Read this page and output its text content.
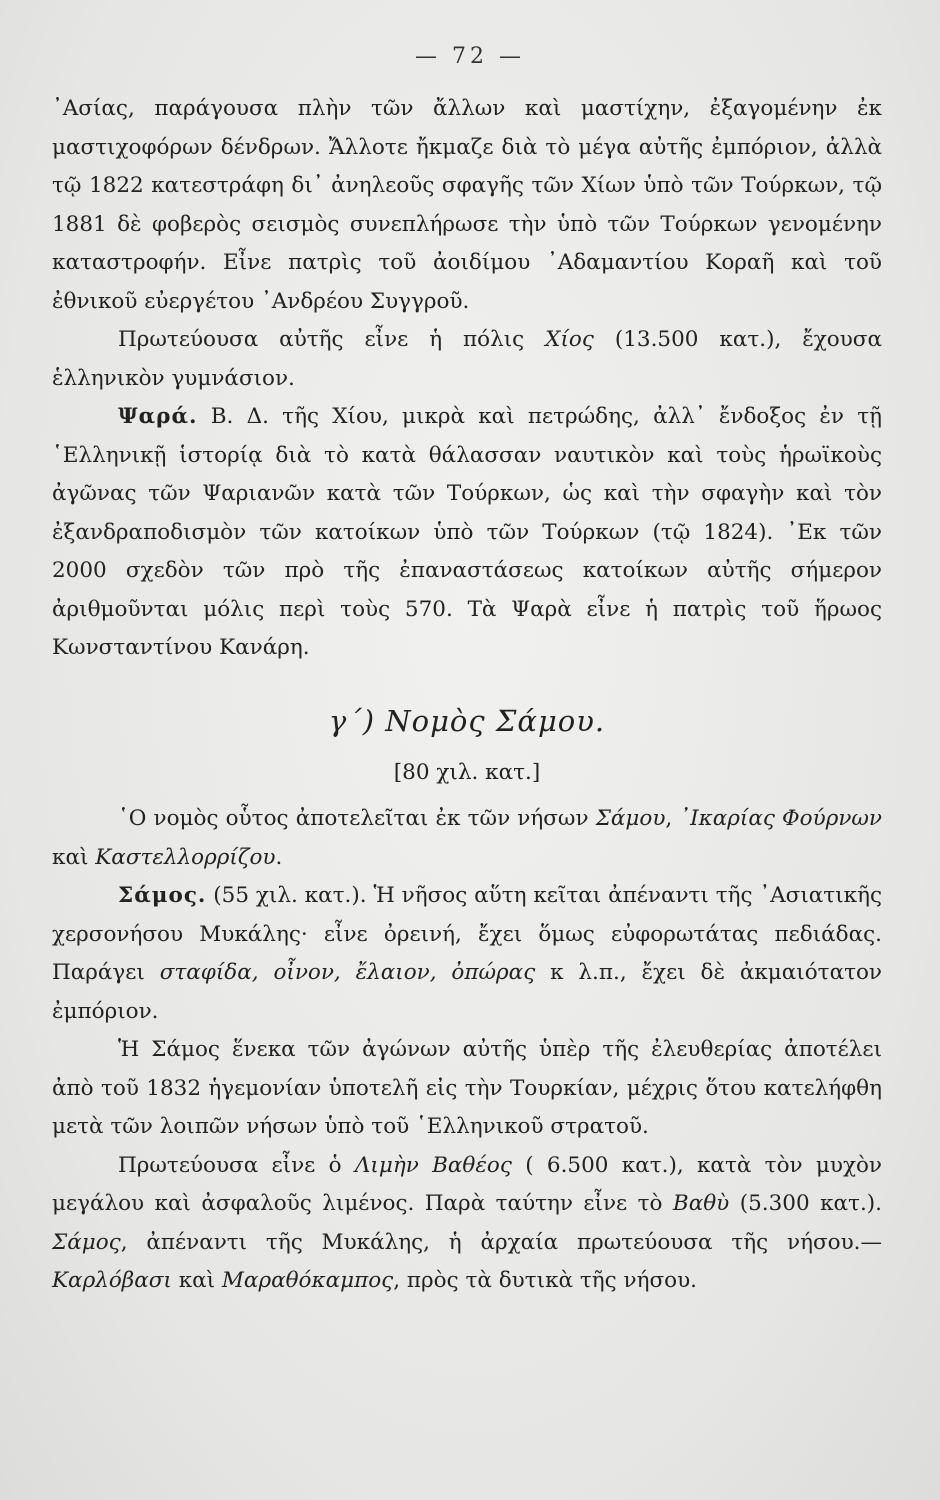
— 72 —

᾿Ασίας, παράγουσα πλὴν τῶν ἄλλων καὶ μαστίχην, ἐξαγομένην ἐκ μαστιχοφόρων δένδρων. Ἄλλοτε ἤκμαζε διὰ τὸ μέγα αὐτῆς ἐμπόριον, ἀλλὰ τῷ 1822 κατεστράφη δι᾿ ἀνηλεοῦς σφαγῆς τῶν Χίων ὑπὸ τῶν Τούρκων, τῷ 1881 δὲ φοβερὸς σεισμὸς συνεπλήρωσε τὴν ὑπὸ τῶν Τούρκων γενομένην καταστροφήν. Εἶνε πατρὶς τοῦ ἀοιδίμου ᾿Αδαμαντίου Κοραῆ καὶ τοῦ ἐθνικοῦ εὐεργέτου ᾿Ανδρέου Συγγροῦ.

Πρωτεύουσα αὐτῆς εἶνε ἡ πόλις Χίος (13.500 κατ.), ἔχουσα ἑλληνικὸν γυμνάσιον.

Ψαρά. Β. Δ. τῆς Χίου, μικρὰ καὶ πετρώδης, ἀλλ᾿ ἔνδοξος ἐν τῇ ῾Ελληνικῇ ἱστορίᾳ διὰ τὸ κατὰ θάλασσαν ναυτικὸν καὶ τοὺς ἡρωϊκοὺς ἀγῶνας τῶν Ψαριανῶν κατὰ τῶν Τούρκων, ὡς καὶ τὴν σφαγὴν καὶ τὸν ἐξανδραποδισμὸν τῶν κατοίκων ὑπὸ τῶν Τούρκων (τῷ 1824). ᾿Εκ τῶν 2000 σχεδὸν τῶν πρὸ τῆς ἐπαναστάσεως κατοίκων αὐτῆς σήμερον ἀριθμοῦνται μόλις περὶ τοὺς 570. Τὰ Ψαρὰ εἶνε ἡ πατρὶς τοῦ ἥρωος Κωνσταντίνου Κανάρη.

γ΄) Νομὸς Σάμου.
[80 χιλ. κατ.]

῾Ο νομὸς οὗτος ἀποτελεῖται ἐκ τῶν νήσων Σάμου, ᾿Ικαρίας Φούρνων καὶ Καστελλορρίζου.

Σάμος. (55 χιλ. κατ.). Ἡ νῆσος αὕτη κεῖται ἀπέναντι τῆς ᾿Ασιατικῆς χερσονήσου Μυκάλης· εἶνε ὀρεινή, ἔχει ὅμως εὐφορωτάτας πεδιάδας. Παράγει σταφίδα, οἶνον, ἔλαιον, ὀπώρας κ λ.π., ἔχει δὲ ἀκμαιότατον ἐμπόριον.

Ἡ Σάμος ἕνεκα τῶν ἀγώνων αὐτῆς ὑπὲρ τῆς ἐλευθερίας ἀποτέλει ἀπὸ τοῦ 1832 ἡγεμονίαν ὑποτελῆ εἰς τὴν Τουρκίαν, μέχρις ὅτου κατελήφθη μετὰ τῶν λοιπῶν νήσων ὑπὸ τοῦ ῾Ελληνικοῦ στρατοῦ.

Πρωτεύουσα εἶνε ὁ Λιμὴν Βαθέος ( 6.500 κατ.), κατὰ τὸν μυχὸν μεγάλου καὶ ἀσφαλοῦς λιμένος. Παρὰ ταύτην εἶνε τὸ Βαθὺ (5.300 κατ.). Σάμος, ἀπέναντι τῆς Μυκάλης, ἡ ἀρχαία πρωτεύουσα τῆς νήσου.—Καρλόβασι καὶ Μαραθόκαμπος, πρὸς τὰ δυτικὰ τῆς νήσου.
